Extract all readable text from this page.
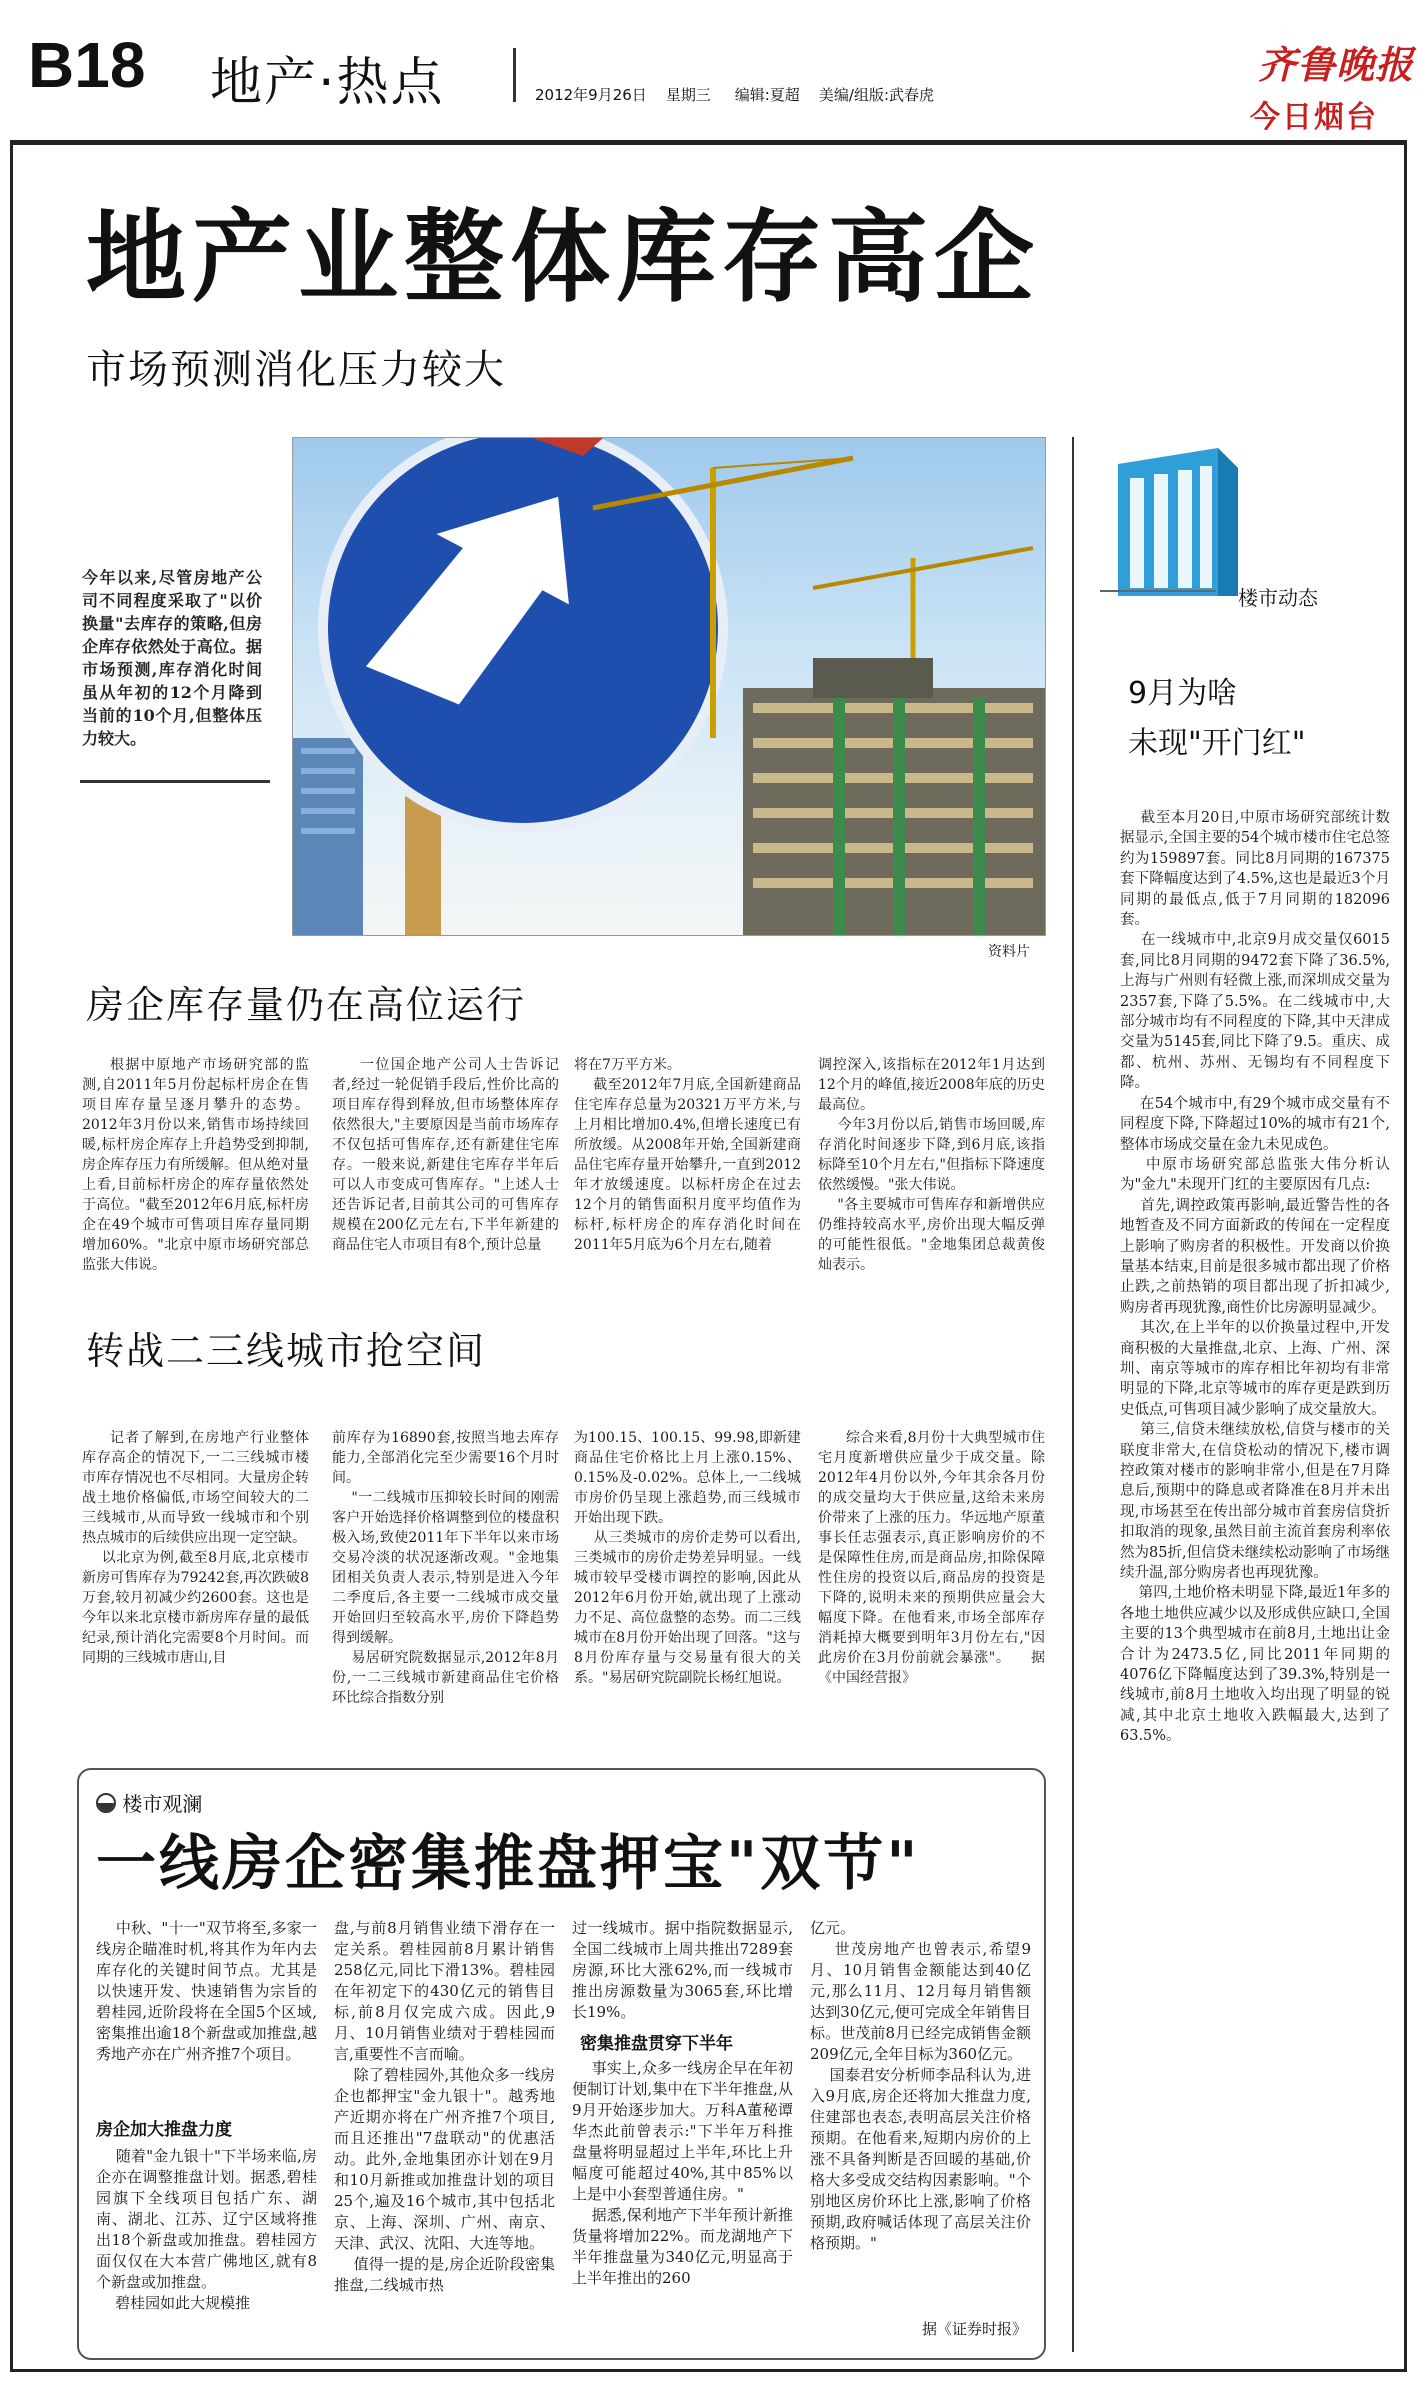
B18 地产·热点	2012年9月26日 星期三 编辑:夏超 美编/组版:武春虎
齐鲁晚报
今日烟台
地产业整体库存高企
市场预测消化压力较大
资料片
今年以来,尽管房地产公司不同程度采取了"以价换量"去库存的策略,但房企库存依然处于高位。据市场预测,库存消化时间虽从年初的12个月降到当前的10个月,但整体压力较大。
房企库存量仍在高位运行
根据中原地产市场研究部的监测,自2011年5月份起标杆房企在售项目库存量呈逐月攀升的态势。2012年3月份以来,销售市场持续回暖,标杆房企库存上升趋势受到抑制,房企库存压力有所缓解。但从绝对量上看,目前标杆房企的库存量依然处于高位。"截至2012年6月底,标杆房企在49个城市可售项目库存量同期增加60%。"北京中原市场研究部总监张大伟说。
一位国企地产公司人士告诉记者,经过一轮促销手段后,性价比高的项目库存得到释放,但市场整体库存依然很大,"主要原因是当前市场库存不仅包括可售库存,还有新建住宅库存。一般来说,新建住宅库存半年后可以人市变成可售库存。"上述人士还告诉记者,目前其公司的可售库存规模在200亿元左右,下半年新建的商品住宅人市项目有8个,预计总量
将在7万平方米。
截至2012年7月底,全国新建商品住宅库存总量为20321万平方米,与上月相比增加0.4%,但增长速度已有所放缓。从2008年开始,全国新建商品住宅库存量开始攀升,一直到2012年才放缓速度。以标杆房企在过去12个月的销售面积月度平均值作为标杆,标杆房企的库存消化时间在2011年5月底为6个月左右,随着
调控深入,该指标在2012年1月达到12个月的峰值,接近2008年底的历史最高位。
今年3月份以后,销售市场回暖,库存消化时间逐步下降,到6月底,该指标降至10个月左右,"但指标下降速度依然缓慢。"张大伟说。
"各主要城市可售库存和新增供应仍维持较高水平,房价出现大幅反弹的可能性很低。"金地集团总裁黄俊灿表示。
转战二三线城市抢空间
记者了解到,在房地产行业整体库存高企的情况下,一二三线城市楼市库存情况也不尽相同。大量房企转战土地价格偏低,市场空间较大的二三线城市,从而导致一线城市和个别热点城市的后续供应出现一定空缺。
以北京为例,截至8月底,北京楼市新房可售库存为79242套,再次跌破8万套,较月初减少约2600套。这也是今年以来北京楼市新房库存量的最低纪录,预计消化完需要8个月时间。而同期的三线城市唐山,目
前库存为16890套,按照当地去库存能力,全部消化完至少需要16个月时间。
"一二线城市压抑较长时间的刚需客户开始选择价格调整到位的楼盘积极入场,致使2011年下半年以来市场交易冷淡的状况逐渐改观。"金地集团相关负责人表示,特别是进入今年二季度后,各主要一二线城市成交量开始回归至较高水平,房价下降趋势得到缓解。
易居研究院数据显示,2012年8月份,一二三线城市新建商品住宅价格环比综合指数分别
为100.15、100.15、99.98,即新建商品住宅价格比上月上涨0.15%、0.15%及-0.02%。总体上,一二线城市房价仍呈现上涨趋势,而三线城市开始出现下跌。
从三类城市的房价走势可以看出,三类城市的房价走势差异明显。一线城市较早受楼市调控的影响,因此从2012年6月份开始,就出现了上涨动力不足、高位盘整的态势。而二三线城市在8月份开始出现了回落。"这与8月份库存量与交易量有很大的关系。"易居研究院副院长杨红旭说。
综合来看,8月份十大典型城市住宅月度新增供应量少于成交量。除2012年4月份以外,今年其余各月份的成交量均大于供应量,这给未来房价带来了上涨的压力。华远地产原董事长任志强表示,真正影响房价的不是保障性住房,而是商品房,扣除保障性住房的投资以后,商品房的投资是下降的,说明未来的预期供应量会大幅度下降。在他看来,市场全部库存消耗掉大概要到明年3月份左右,"因此房价在3月份前就会暴涨"。    据《中国经营报》
楼市观澜
一线房企密集推盘押宝"双节"
中秋、"十一"双节将至,多家一线房企瞄准时机,将其作为年内去库存化的关键时间节点。尤其是以快速开发、快速销售为宗旨的碧桂园,近阶段将在全国5个区域,密集推出逾18个新盘或加推盘,越秀地产亦在广州齐推7个项目。
房企加大推盘力度
随着"金九银十"下半场来临,房企亦在调整推盘计划。据悉,碧桂园旗下全线项目包括广东、湖南、湖北、江苏、辽宁区域将推出18个新盘或加推盘。碧桂园方面仅仅在大本营广佛地区,就有8个新盘或加推盘。
碧桂园如此大规模推
盘,与前8月销售业绩下滑存在一定关系。碧桂园前8月累计销售258亿元,同比下滑13%。碧桂园在年初定下的430亿元的销售目标,前8月仅完成六成。因此,9月、10月销售业绩对于碧桂园而言,重要性不言而喻。
除了碧桂园外,其他众多一线房企也都押宝"金九银十"。越秀地产近期亦将在广州齐推7个项目,而且还推出"7盘联动"的优惠活动。此外,金地集团亦计划在9月和10月新推或加推盘计划的项目25个,遍及16个城市,其中包括北京、上海、深圳、广州、南京、天津、武汉、沈阳、大连等地。
值得一提的是,房企近阶段密集推盘,二线城市热
过一线城市。据中指院数据显示,全国二线城市上周共推出7289套房源,环比大涨62%,而一线城市推出房源数量为3065套,环比增长19%。
密集推盘贯穿下半年
事实上,众多一线房企早在年初便制订计划,集中在下半年推盘,从9月开始逐步加大。万科A董秘谭华杰此前曾表示:"下半年万科推盘量将明显超过上半年,环比上升幅度可能超过40%,其中85%以上是中小套型普通住房。"
据悉,保利地产下半年预计新推货量将增加22%。而龙湖地产下半年推盘量为340亿元,明显高于上半年推出的260
亿元。
世茂房地产也曾表示,希望9月、10月销售金额能达到40亿元,那么11月、12月每月销售额达到30亿元,便可完成全年销售目标。世茂前8月已经完成销售金额209亿元,全年目标为360亿元。
国泰君安分析师李品科认为,进入9月底,房企还将加大推盘力度,住建部也表态,表明高层关注价格预期。在他看来,短期内房价的上涨不具备判断是否回暖的基础,价格大多受成交结构因素影响。"个别地区房价环比上涨,影响了价格预期,政府喊话体现了高层关注价格预期。"
据《证券时报》
楼市动态
9月为啥
未现"开门红"
截至本月20日,中原市场研究部统计数据显示,全国主要的54个城市楼市住宅总签约为159897套。同比8月同期的167375套下降幅度达到了4.5%,这也是最近3个月同期的最低点,低于7月同期的182096套。
在一线城市中,北京9月成交量仅6015套,同比8月同期的9472套下降了36.5%,上海与广州则有轻微上涨,而深圳成交量为2357套,下降了5.5%。在二线城市中,大部分城市均有不同程度的下降,其中天津成交量为5145套,同比下降了9.5。重庆、成都、杭州、苏州、无锡均有不同程度下降。
在54个城市中,有29个城市成交量有不同程度下降,下降超过10%的城市有21个,整体市场成交量在金九未见成色。
中原市场研究部总监张大伟分析认为"金九"未现开门红的主要原因有几点:
首先,调控政策再影响,最近警告性的各地暂查及不同方面新政的传闻在一定程度上影响了购房者的积极性。开发商以价换量基本结束,目前是很多城市都出现了价格止跌,之前热销的项目都出现了折扣减少,购房者再现犹豫,商性价比房源明显减少。
其次,在上半年的以价换量过程中,开发商积极的大量推盘,北京、上海、广州、深圳、南京等城市的库存相比年初均有非常明显的下降,北京等城市的库存更是跌到历史低点,可售项目减少影响了成交量放大。
第三,信贷未继续放松,信贷与楼市的关联度非常大,在信贷松动的情况下,楼市调控政策对楼市的影响非常小,但是在7月降息后,预期中的降息或者降准在8月并未出现,市场甚至在传出部分城市首套房信贷折扣取消的现象,虽然目前主流首套房利率依然为85折,但信贷未继续松动影响了市场继续升温,部分购房者也再现犹豫。
第四,土地价格未明显下降,最近1年多的各地土地供应减少以及形成供应缺口,全国主要的13个典型城市在前8月,土地出让金合计为2473.5亿,同比2011年同期的4076亿下降幅度达到了39.3%,特别是一线城市,前8月土地收入均出现了明显的锐减,其中北京土地收入跌幅最大,达到了63.5%。
